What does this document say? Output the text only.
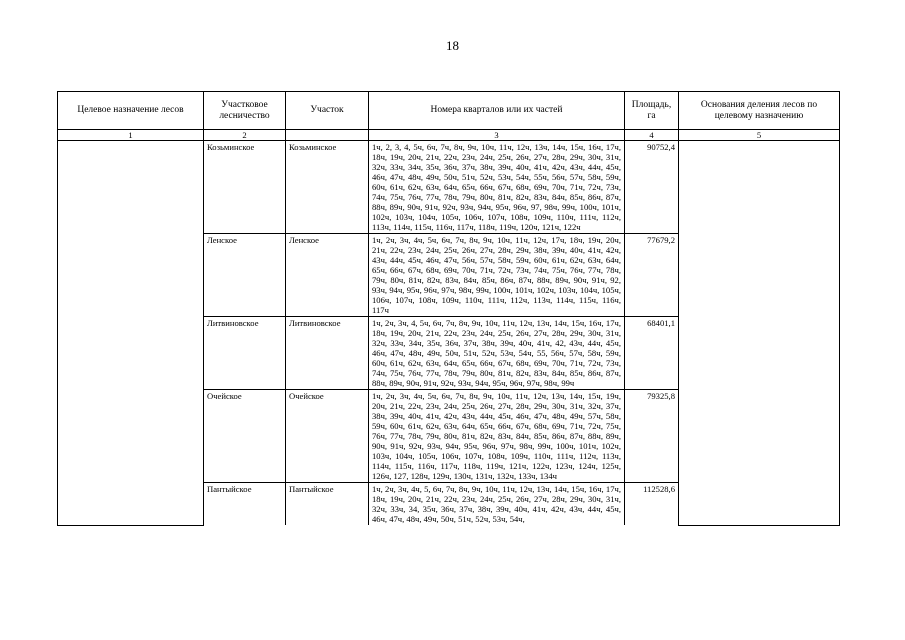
18
Целевое назначение лесов	Участковое лесничество	Участок	Номера кварталов или их частей	Площадь, га	Основания деления лесов по целевому назначению
1	2		3	4	5
	Козьминское	Козьминское	1ч, 2, 3, 4, 5ч, 6ч, 7ч, 8ч, 9ч, 10ч, 11ч, 12ч, 13ч, 14ч, 15ч, 16ч, 17ч, 18ч, 19ч, 20ч, 21ч, 22ч, 23ч, 24ч, 25ч, 26ч, 27ч, 28ч, 29ч, 30ч, 31ч, 32ч, 33ч, 34ч, 35ч, 36ч, 37ч, 38ч, 39ч, 40ч, 41ч, 42ч, 43ч, 44ч, 45ч, 46ч, 47ч, 48ч, 49ч, 50ч, 51ч, 52ч, 53ч, 54ч, 55ч, 56ч, 57ч, 58ч, 59ч, 60ч, 61ч, 62ч, 63ч, 64ч, 65ч, 66ч, 67ч, 68ч, 69ч, 70ч, 71ч, 72ч, 73ч, 74ч, 75ч, 76ч, 77ч, 78ч, 79ч, 80ч, 81ч, 82ч, 83ч, 84ч, 85ч, 86ч, 87ч, 88ч, 89ч, 90ч, 91ч, 92ч, 93ч, 94ч, 95ч, 96ч, 97, 98ч, 99ч, 100ч, 101ч, 102ч, 103ч, 104ч, 105ч, 106ч, 107ч, 108ч, 109ч, 110ч, 111ч, 112ч, 113ч, 114ч, 115ч, 116ч, 117ч, 118ч, 119ч, 120ч, 121ч, 122ч	90752,4	
	Ленское	Ленское	1ч, 2ч, 3ч, 4ч, 5ч, 6ч, 7ч, 8ч, 9ч, 10ч, 11ч, 12ч, 17ч, 18ч, 19ч, 20ч, 21ч, 22ч, 23ч, 24ч, 25ч, 26ч, 27ч, 28ч, 29ч, 38ч, 39ч, 40ч, 41ч, 42ч, 43ч, 44ч, 45ч, 46ч, 47ч, 56ч, 57ч, 58ч, 59ч, 60ч, 61ч, 62ч, 63ч, 64ч, 65ч, 66ч, 67ч, 68ч, 69ч, 70ч, 71ч, 72ч, 73ч, 74ч, 75ч, 76ч, 77ч, 78ч, 79ч, 80ч, 81ч, 82ч, 83ч, 84ч, 85ч, 86ч, 87ч, 88ч, 89ч, 90ч, 91ч, 92, 93ч, 94ч, 95ч, 96ч, 97ч, 98ч, 99ч, 100ч, 101ч, 102ч, 103ч, 104ч, 105ч, 106ч, 107ч, 108ч, 109ч, 110ч, 111ч, 112ч, 113ч, 114ч, 115ч, 116ч, 117ч	77679,2	
	Литвиновское	Литвиновское	1ч, 2ч, 3ч, 4, 5ч, 6ч, 7ч, 8ч, 9ч, 10ч, 11ч, 12ч, 13ч, 14ч, 15ч, 16ч, 17ч, 18ч, 19ч, 20ч, 21ч, 22ч, 23ч, 24ч, 25ч, 26ч, 27ч, 28ч, 29ч, 30ч, 31ч, 32ч, 33ч, 34ч, 35ч, 36ч, 37ч, 38ч, 39ч, 40ч, 41ч, 42, 43ч, 44ч, 45ч, 46ч, 47ч, 48ч, 49ч, 50ч, 51ч, 52ч, 53ч, 54ч, 55, 56ч, 57ч, 58ч, 59ч, 60ч, 61ч, 62ч, 63ч, 64ч, 65ч, 66ч, 67ч, 68ч, 69ч, 70ч, 71ч, 72ч, 73ч, 74ч, 75ч, 76ч, 77ч, 78ч, 79ч, 80ч, 81ч, 82ч, 83ч, 84ч, 85ч, 86ч, 87ч, 88ч, 89ч, 90ч, 91ч, 92ч, 93ч, 94ч, 95ч, 96ч, 97ч, 98ч, 99ч	68401,1	
	Очейское	Очейское	1ч, 2ч, 3ч, 4ч, 5ч, 6ч, 7ч, 8ч, 9ч, 10ч, 11ч, 12ч, 13ч, 14ч, 15ч, 19ч, 20ч, 21ч, 22ч, 23ч, 24ч, 25ч, 26ч, 27ч, 28ч, 29ч, 30ч, 31ч, 32ч, 37ч, 38ч, 39ч, 40ч, 41ч, 42ч, 43ч, 44ч, 45ч, 46ч, 47ч, 48ч, 49ч, 57ч, 58ч, 59ч, 60ч, 61ч, 62ч, 63ч, 64ч, 65ч, 66ч, 67ч, 68ч, 69ч, 71ч, 72ч, 75ч, 76ч, 77ч, 78ч, 79ч, 80ч, 81ч, 82ч, 83ч, 84ч, 85ч, 86ч, 87ч, 88ч, 89ч, 90ч, 91ч, 92ч, 93ч, 94ч, 95ч, 96ч, 97ч, 98ч, 99ч, 100ч, 101ч, 102ч, 103ч, 104ч, 105ч, 106ч, 107ч, 108ч, 109ч, 110ч, 111ч, 112ч, 113ч, 114ч, 115ч, 116ч, 117ч, 118ч, 119ч, 121ч, 122ч, 123ч, 124ч, 125ч, 126ч, 127, 128ч, 129ч, 130ч, 131ч, 132ч, 133ч, 134ч	79325,8	
	Пантыйское	Пантыйское	1ч, 2ч, 3ч, 4ч, 5, 6ч, 7ч, 8ч, 9ч, 10ч, 11ч, 12ч, 13ч, 14ч, 15ч, 16ч, 17ч, 18ч, 19ч, 20ч, 21ч, 22ч, 23ч, 24ч, 25ч, 26ч, 27ч, 28ч, 29ч, 30ч, 31ч, 32ч, 33ч, 34, 35ч, 36ч, 37ч, 38ч, 39ч, 40ч, 41ч, 42ч, 43ч, 44ч, 45ч, 46ч, 47ч, 48ч, 49ч, 50ч, 51ч, 52ч, 53ч, 54ч,	112528,6	
